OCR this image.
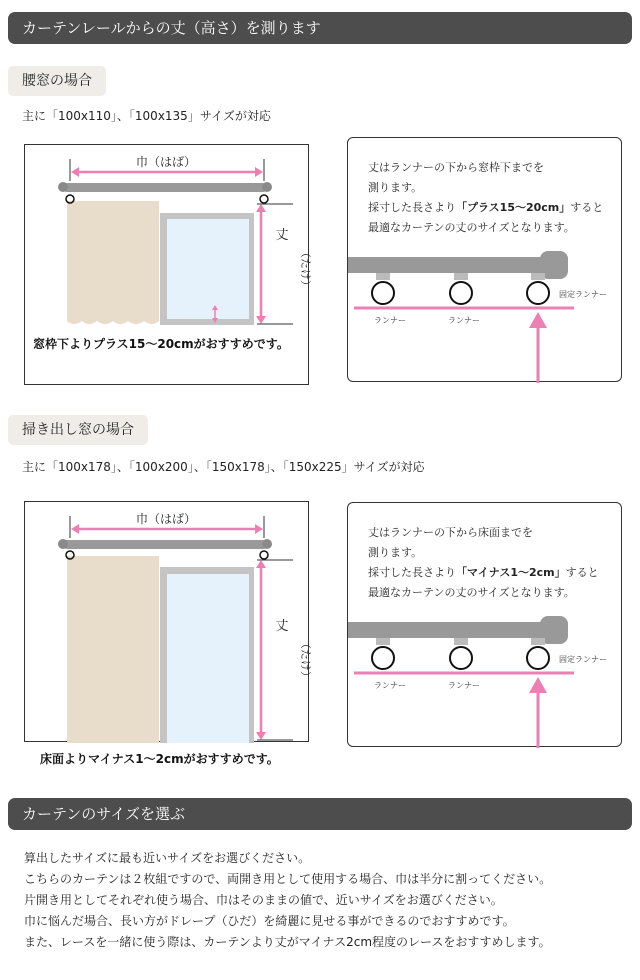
カーテンレールからの丈（高さ）を測ります
腰窓の場合
主に「100x110」、「100x135」サイズが対応
巾（はば）
丈
（たけ）
窓枠下よりプラス15〜20cmがおすすめです。
丈はランナーの下から窓枠下までを
測ります。
採寸した長さより「プラス15〜20cm」すると
最適なカーテンの丈のサイズとなります。
ランナー	ランナー
固定ランナー
掃き出し窓の場合
主に「100x178」、「100x200」、「150x178」、「150x225」サイズが対応
巾（はば）
丈
（たけ）
床面よりマイナス1〜2cmがおすすめです。
丈はランナーの下から床面までを
測ります。
採寸した長さより「マイナス1〜2cm」すると
最適なカーテンの丈のサイズとなります。
ランナー	ランナー
固定ランナー
カーテンのサイズを選ぶ
算出したサイズに最も近いサイズをお選びください。
こちらのカーテンは２枚組ですので、両開き用として使用する場合、巾は半分に割ってください。
片開き用としてそれぞれ使う場合、巾はそのままの値で、近いサイズをお選びください。
巾に悩んだ場合、長い方がドレープ（ひだ）を綺麗に見せる事ができるのでおすすめです。
また、レースを一緒に使う際は、カーテンより丈がマイナス2cm程度のレースをおすすめします。
